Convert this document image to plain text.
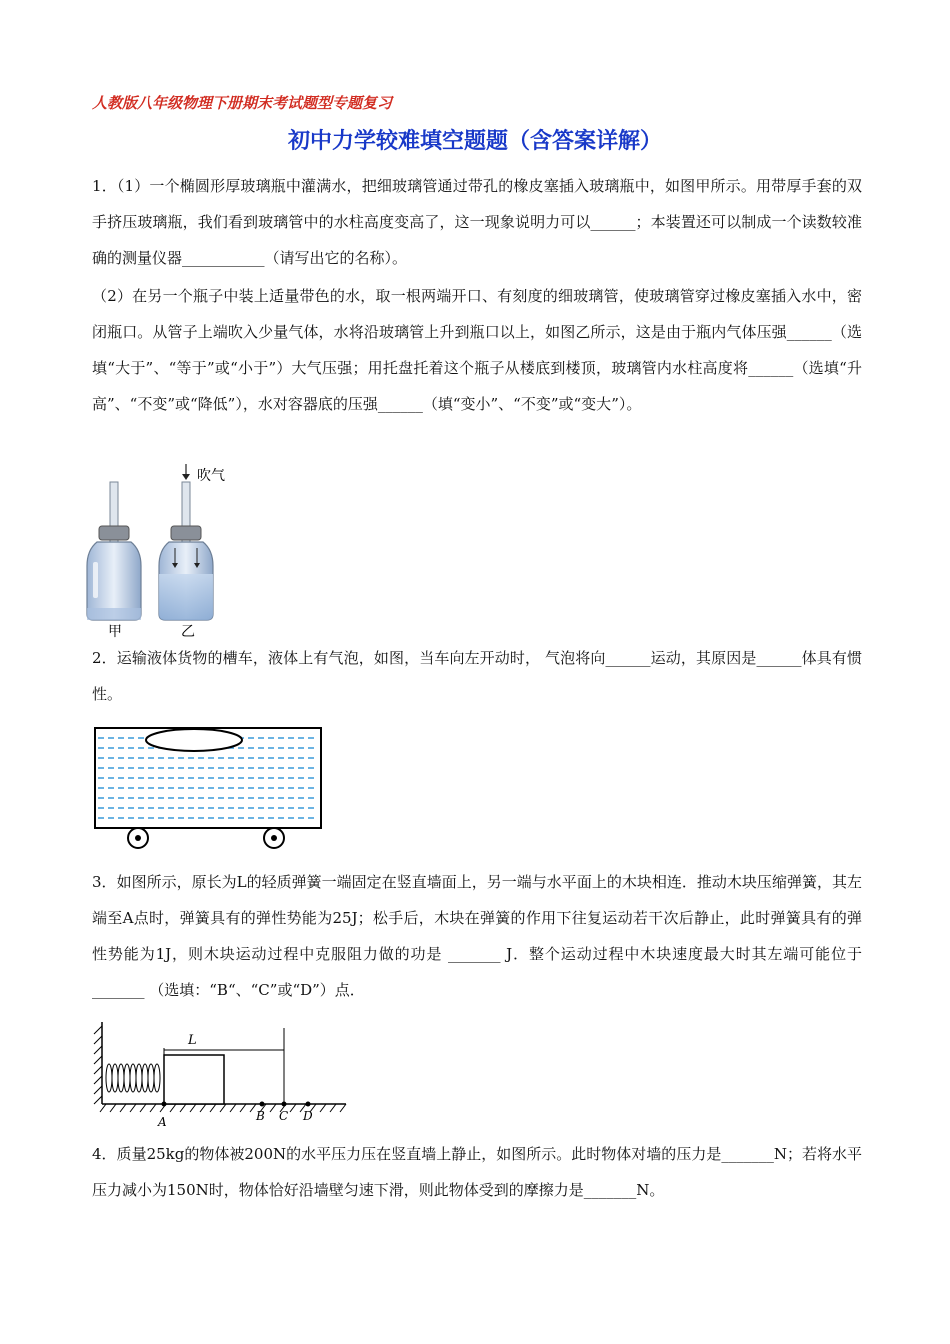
人教版八年级物理下册期末考试题型专题复习
初中力学较难填空题题（含答案详解）

1．（1）一个椭圆形厚玻璃瓶中灌满水，把细玻璃管通过带孔的橡皮塞插入玻璃瓶中，如图甲所示。用带厚手套的双手挤压玻璃瓶，我们看到玻璃管中的水柱高度变高了，这一现象说明力可以______；本装置还可以制成一个读数较准确的测量仪器___________（请写出它的名称）。

（2）在另一个瓶子中装上适量带色的水，取一根两端开口、有刻度的细玻璃管，使玻璃管穿过橡皮塞插入水中，密闭瓶口。从管子上端吹入少量气体，水将沿玻璃管上升到瓶口以上，如图乙所示，这是由于瓶内气体压强______（选填“大于”、“等于”或“小于”）大气压强；用托盘托着这个瓶子从楼底到楼顶，玻璃管内水柱高度将______（选填“升高”、“不变”或“降低”），水对容器底的压强______（填“变小”、“不变”或“变大”）。

吹气
甲	乙

2．运输液体货物的槽车，液体上有气泡，如图，当车向左开动时， 气泡将向______运动，其原因是______体具有惯性。

3．如图所示，原长为L的轻质弹簧一端固定在竖直墙面上，另一端与水平面上的木块相连．推动木块压缩弹簧，其左端至A点时，弹簧具有的弹性势能为25J；松手后，木块在弹簧的作用下往复运动若干次后静止，此时弹簧具有的弹性势能为1J，则木块运动过程中克服阻力做的功是 _______ J．整个运动过程中木块速度最大时其左端可能位于 _______ （选填：“B“、“C”或“D”）点．

L
A	B C D

4．质量25kg的物体被200N的水平压力压在竖直墙上静止，如图所示。此时物体对墙的压力是_______N；若将水平压力减小为150N时，物体恰好沿墙壁匀速下滑，则此物体受到的摩擦力是_______N。
